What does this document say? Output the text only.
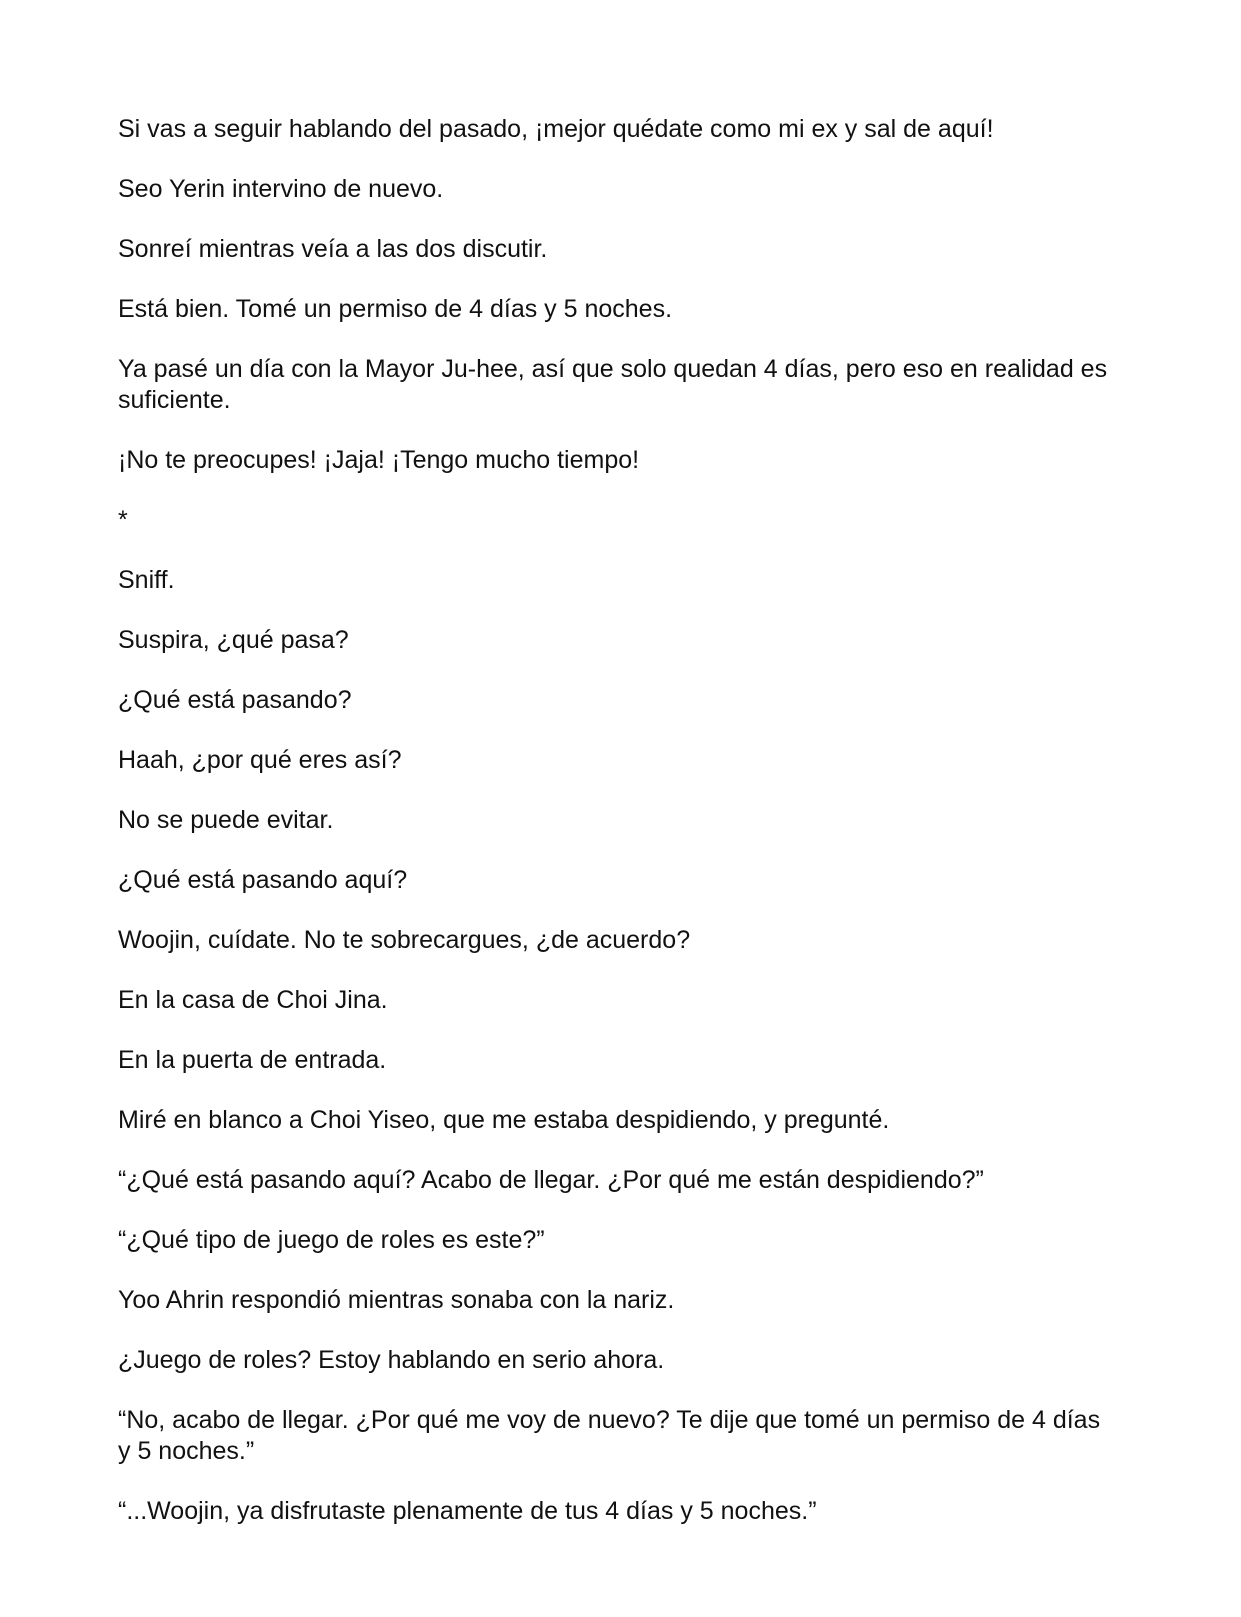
Si vas a seguir hablando del pasado, ¡mejor quédate como mi ex y sal de aquí!

Seo Yerin intervino de nuevo.

Sonreí mientras veía a las dos discutir.

Está bien. Tomé un permiso de 4 días y 5 noches.

Ya pasé un día con la Mayor Ju-hee, así que solo quedan 4 días, pero eso en realidad es suficiente.

¡No te preocupes! ¡Jaja! ¡Tengo mucho tiempo!

*

Sniff.

Suspira, ¿qué pasa?

¿Qué está pasando?

Haah, ¿por qué eres así?

No se puede evitar.

¿Qué está pasando aquí?

Woojin, cuídate. No te sobrecargues, ¿de acuerdo?

En la casa de Choi Jina.

En la puerta de entrada.

Miré en blanco a Choi Yiseo, que me estaba despidiendo, y pregunté.

“¿Qué está pasando aquí? Acabo de llegar. ¿Por qué me están despidiendo?”

“¿Qué tipo de juego de roles es este?”

Yoo Ahrin respondió mientras sonaba con la nariz.

¿Juego de roles? Estoy hablando en serio ahora.

“No, acabo de llegar. ¿Por qué me voy de nuevo? Te dije que tomé un permiso de 4 días y 5 noches.”

“...Woojin, ya disfrutaste plenamente de tus 4 días y 5 noches.”
